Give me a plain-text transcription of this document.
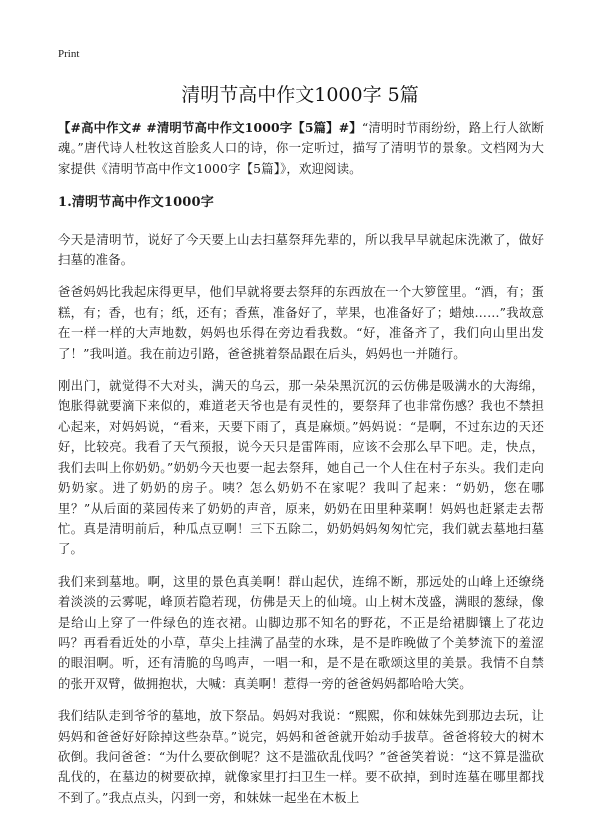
Print
清明节高中作文1000字 5篇

【#高中作文# #清明节高中作文1000字【5篇】#】“清明时节雨纷纷，路上行人欲断魂。”唐代诗人杜牧这首脍炙人口的诗，你一定听过，描写了清明节的景象。文档网为大家提供《清明节高中作文1000字【5篇】》，欢迎阅读。

1.清明节高中作文1000字

今天是清明节，说好了今天要上山去扫墓祭拜先辈的，所以我早早就起床洗漱了，做好扫墓的准备。

爸爸妈妈比我起床得更早，他们早就将要去祭拜的东西放在一个大箩筐里。“酒，有；蛋糕，有；香，也有；纸，还有；香蕉，准备好了，苹果，也准备好了；蜡烛……”我故意在一样一样的大声地数，妈妈也乐得在旁边看我数。“好，准备齐了，我们向山里出发了！”我叫道。我在前边引路，爸爸挑着祭品跟在后头，妈妈也一并随行。

刚出门，就觉得不大对头，满天的乌云，那一朵朵黑沉沉的云仿佛是吸满水的大海绵，饱胀得就要滴下来似的，难道老天爷也是有灵性的，要祭拜了也非常伤感？我也不禁担心起来，对妈妈说，“看来，天要下雨了，真是麻烦。”妈妈说：“是啊，不过东边的天还好，比较亮。我看了天气预报，说今天只是雷阵雨，应该不会那么早下吧。走，快点，我们去叫上你奶奶。”奶奶今天也要一起去祭拜，她自己一个人住在村子东头。我们走向奶奶家。进了奶奶的房子。咦？怎么奶奶不在家呢？我叫了起来：“奶奶，您在哪里？”从后面的菜园传来了奶奶的声音，原来，奶奶在田里种菜啊！妈妈也赶紧走去帮忙。真是清明前后，种瓜点豆啊！三下五除二，奶奶妈妈匆匆忙完，我们就去墓地扫墓了。

我们来到墓地。啊，这里的景色真美啊！群山起伏，连绵不断，那远处的山峰上还缭绕着淡淡的云雾呢，峰顶若隐若现，仿佛是天上的仙境。山上树木茂盛，满眼的葱绿，像是给山上穿了一件绿色的连衣裙。山脚边那不知名的野花，不正是给裙脚镶上了花边吗？再看看近处的小草，草尖上挂满了晶莹的水珠，是不是昨晚做了个美梦流下的羞涩的眼泪啊。听，还有清脆的鸟鸣声，一唱一和，是不是在歌颂这里的美景。我情不自禁的张开双臂，做拥抱状，大喊：真美啊！惹得一旁的爸爸妈妈都哈哈大笑。

我们结队走到爷爷的墓地，放下祭品。妈妈对我说：“熙熙，你和妹妹先到那边去玩，让妈妈和爸爸好好除掉这些杂草。”说完，妈妈和爸爸就开始动手拔草。爸爸将较大的树木砍倒。我问爸爸：“为什么要砍倒呢？这不是滥砍乱伐吗？”爸爸笑着说：“这不算是滥砍乱伐的，在墓边的树要砍掉，就像家里打扫卫生一样。要不砍掉，到时连墓在哪里都找不到了。”我点点头，闪到一旁，和妹妹一起坐在木板上
